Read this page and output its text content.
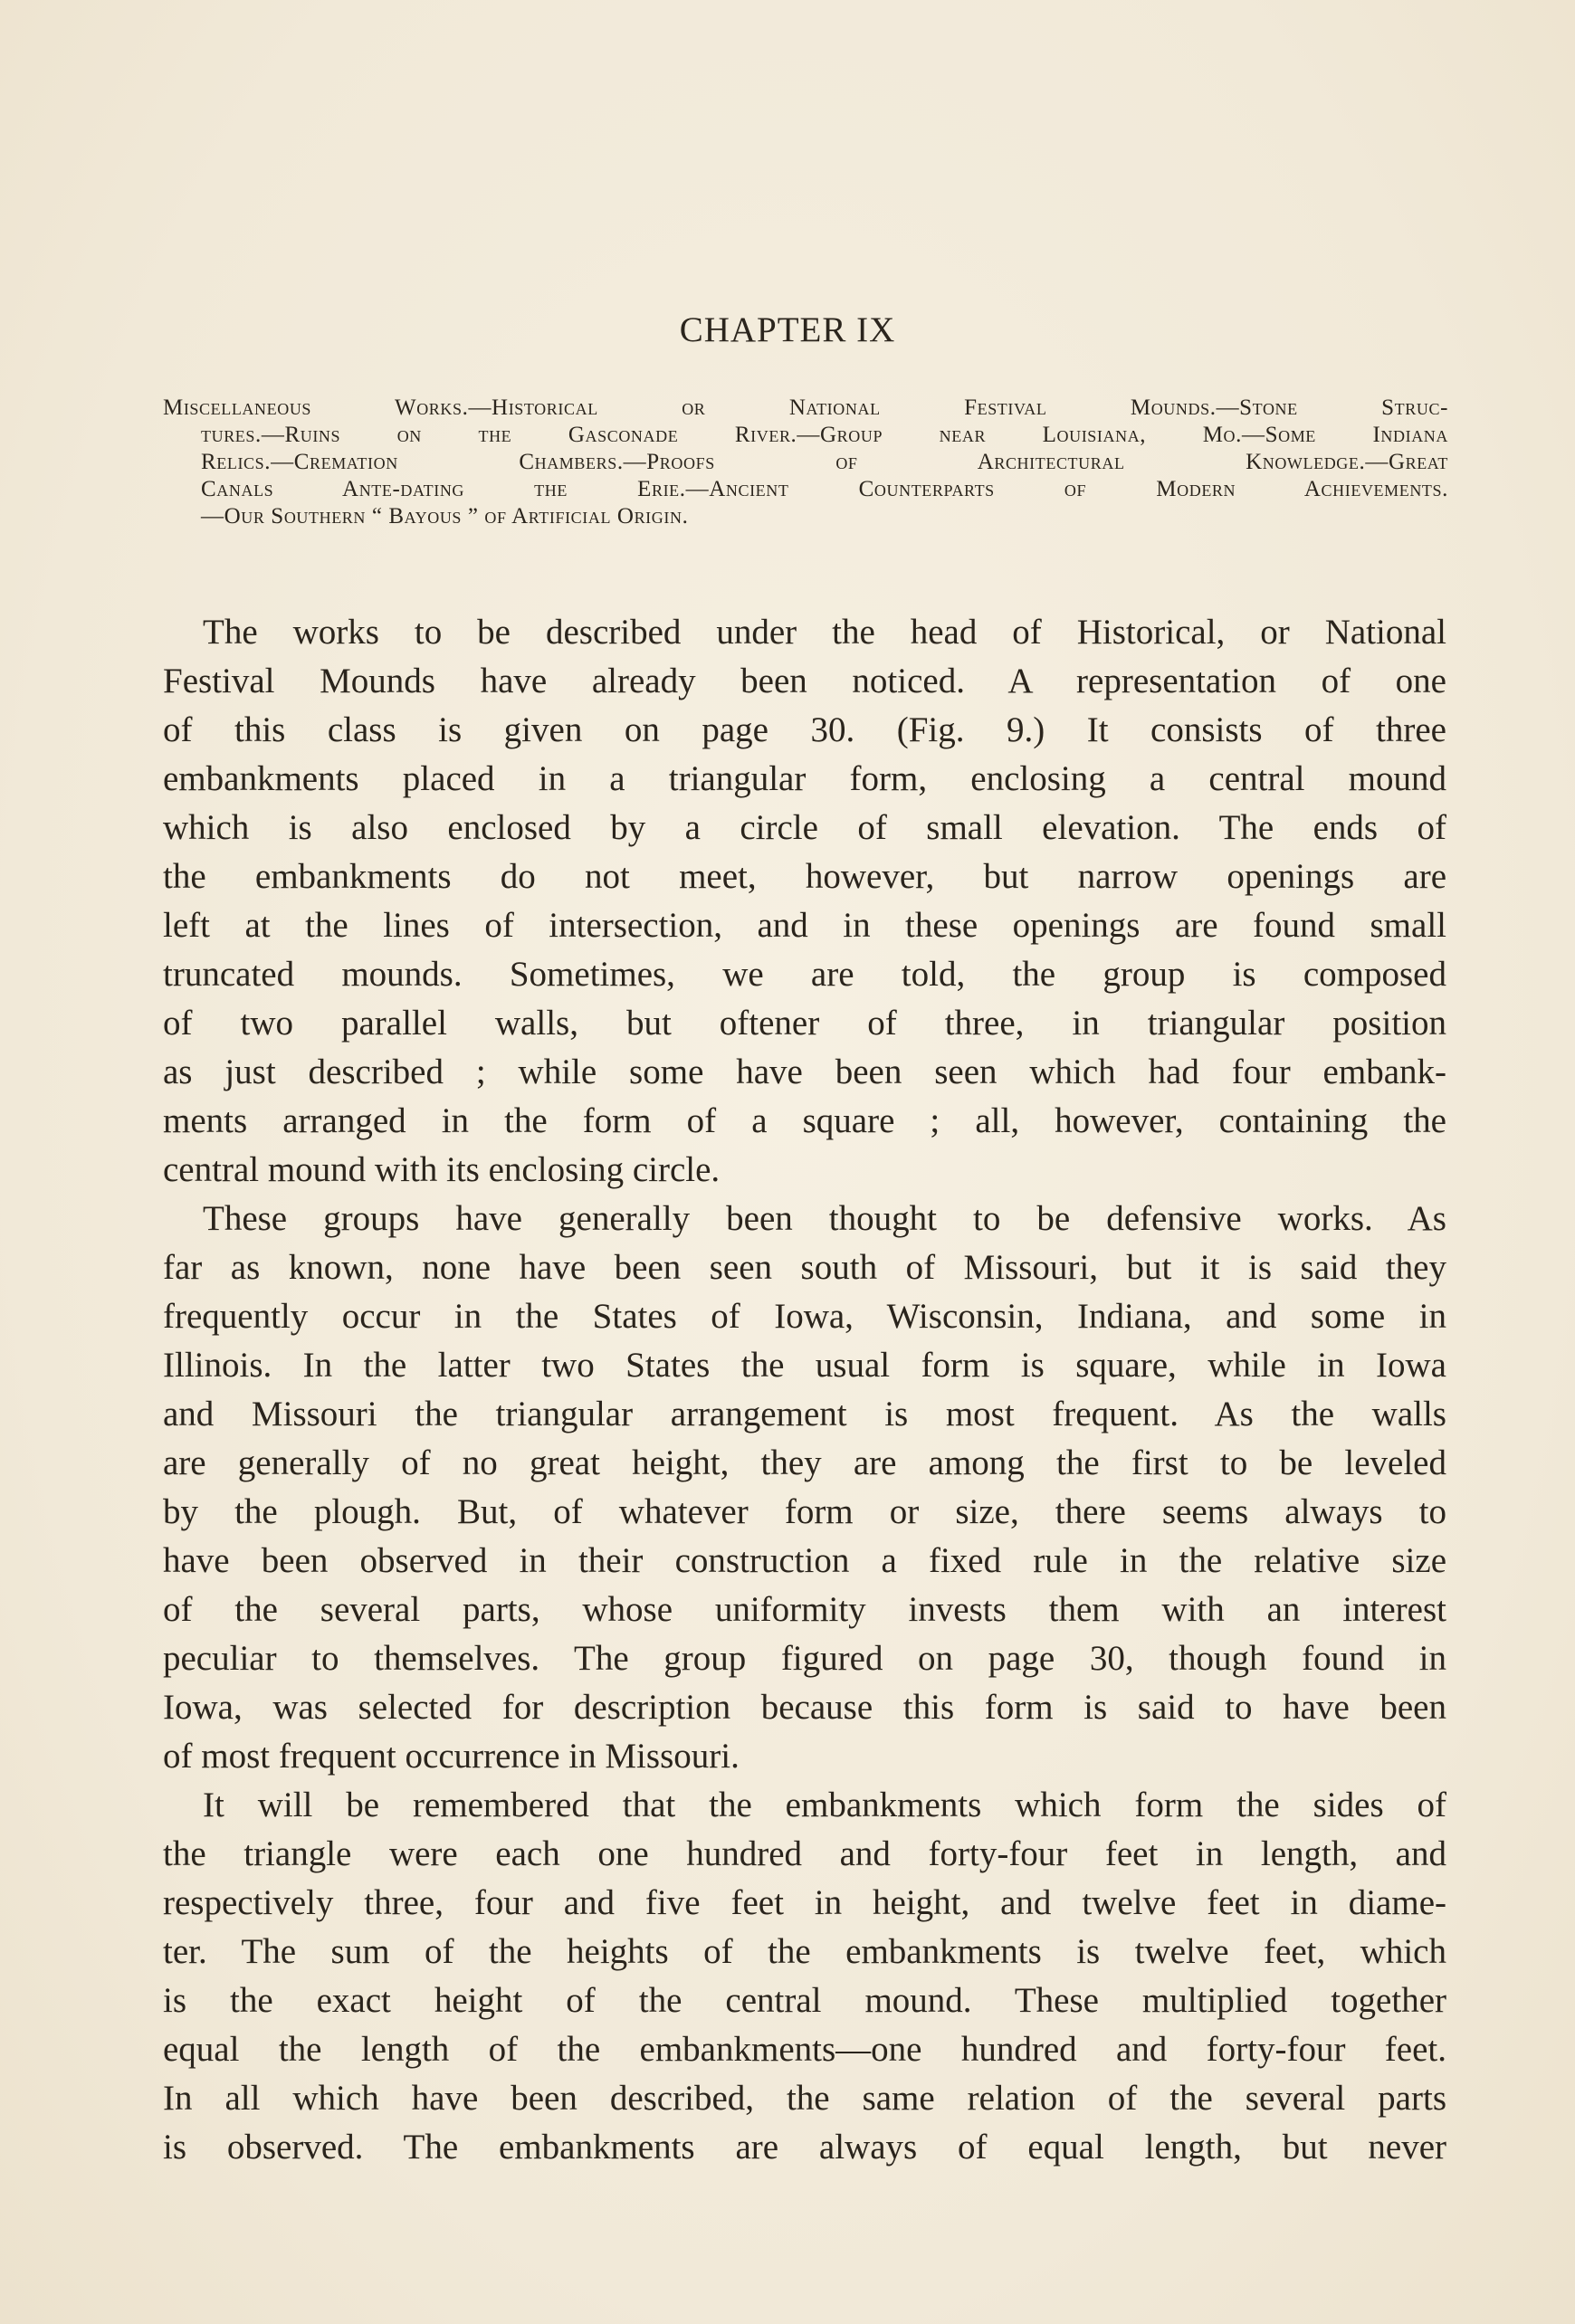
CHAPTER IX
Miscellaneous Works.—Historical or National Festival Mounds.—Stone Struc-
tures.—Ruins on the Gasconade River.—Group near Louisiana, Mo.—Some Indiana
Relics.—Cremation Chambers.—Proofs of Architectural Knowledge.—Great
Canals Ante-dating the Erie.—Ancient Counterparts of Modern Achievements.
—Our Southern “ Bayous ” of Artificial Origin.
The works to be described under the head of Historical, or National
Festival Mounds have already been noticed. A representation of one
of this class is given on page 30. (Fig. 9.) It consists of three
embankments placed in a triangular form, enclosing a central mound
which is also enclosed by a circle of small elevation. The ends of
the embankments do not meet, however, but narrow openings are
left at the lines of intersection, and in these openings are found small
truncated mounds. Sometimes, we are told, the group is composed
of two parallel walls, but oftener of three, in triangular position
as just described ; while some have been seen which had four embank-
ments arranged in the form of a square ; all, however, containing the
central mound with its enclosing circle.
These groups have generally been thought to be defensive works. As
far as known, none have been seen south of Missouri, but it is said they
frequently occur in the States of Iowa, Wisconsin, Indiana, and some in
Illinois. In the latter two States the usual form is square, while in Iowa
and Missouri the triangular arrangement is most frequent. As the walls
are generally of no great height, they are among the first to be leveled
by the plough. But, of whatever form or size, there seems always to
have been observed in their construction a fixed rule in the relative size
of the several parts, whose uniformity invests them with an interest
peculiar to themselves. The group figured on page 30, though found in
Iowa, was selected for description because this form is said to have been
of most frequent occurrence in Missouri.
It will be remembered that the embankments which form the sides of
the triangle were each one hundred and forty-four feet in length, and
respectively three, four and five feet in height, and twelve feet in diame-
ter. The sum of the heights of the embankments is twelve feet, which
is the exact height of the central mound. These multiplied together
equal the length of the embankments—one hundred and forty-four feet.
In all which have been described, the same relation of the several parts
is observed. The embankments are always of equal length, but never
